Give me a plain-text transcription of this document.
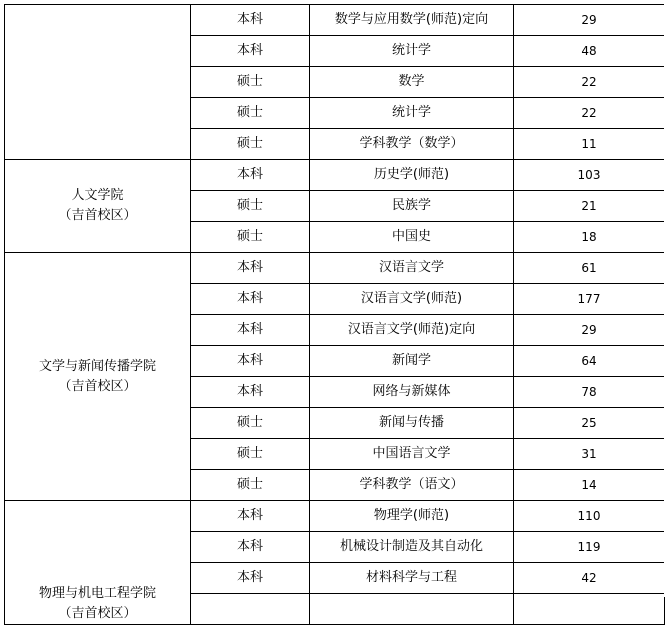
	本科	数学与应用数学(师范)定向	29
	本科	统计学	48
	硕士	数学	22
	硕士	统计学	22
	硕士	学科教学（数学）	11

人文学院
（吉首校区）	本科	历史学(师范)	103
	硕士	民族学	21
	硕士	中国史	18

文学与新闻传播学院
（吉首校区）	本科	汉语言文学	61
	本科	汉语言文学(师范)	177
	本科	汉语言文学(师范)定向	29
	本科	新闻学	64
	本科	网络与新媒体	78
	硕士	新闻与传播	25
	硕士	中国语言文学	31
	硕士	学科教学（语文）	14

物理与机电工程学院
（吉首校区）	本科	物理学(师范)	110
	本科	机械设计制造及其自动化	119
	本科	材料科学与工程	42
